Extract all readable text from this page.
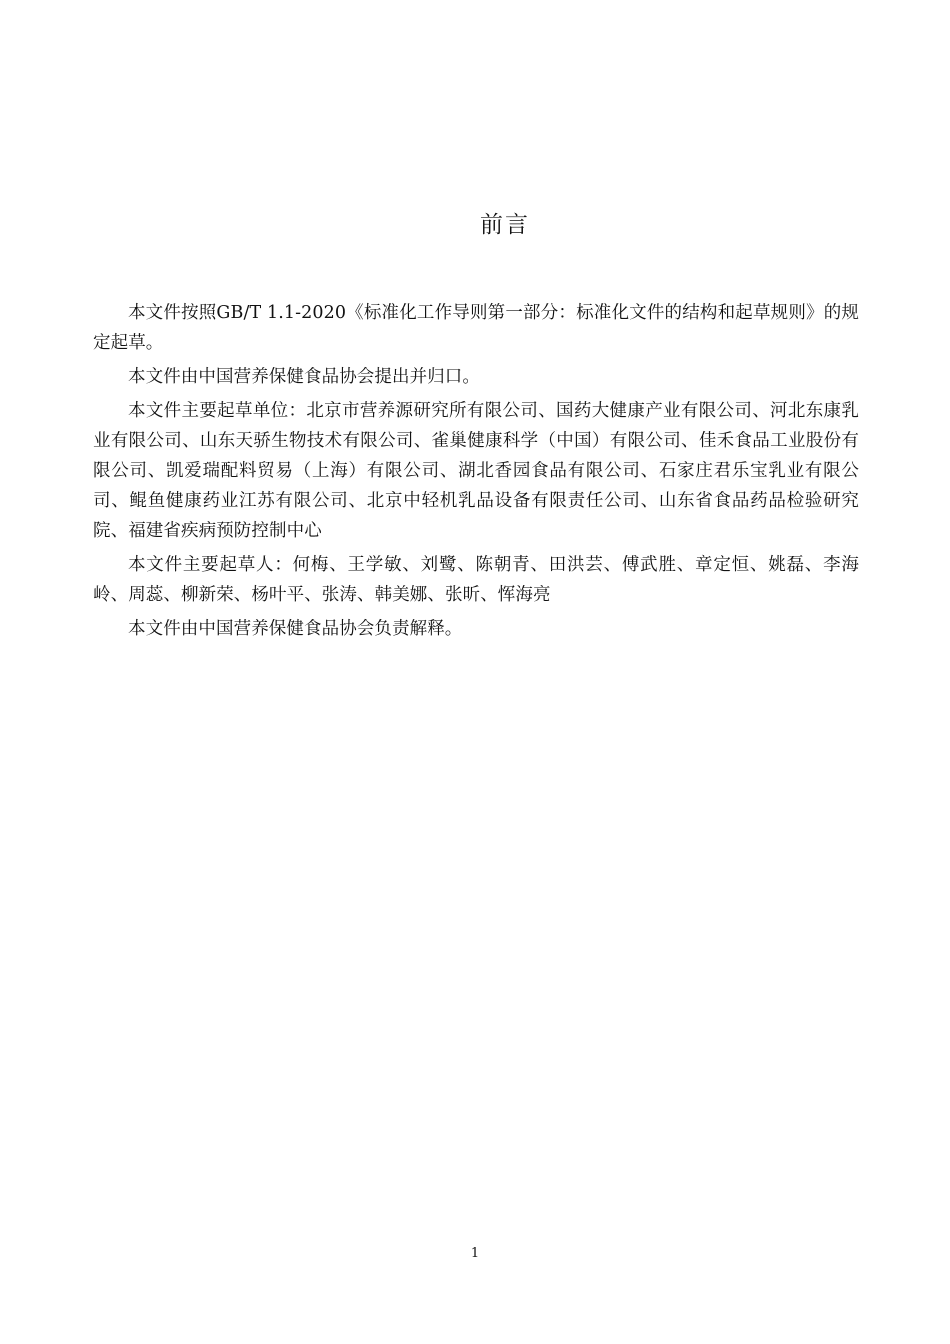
前言

本文件按照GB/T 1.1-2020《标准化工作导则第一部分：标准化文件的结构和起草规则》的规定起草。

本文件由中国营养保健食品协会提出并归口。

本文件主要起草单位：北京市营养源研究所有限公司、国药大健康产业有限公司、河北东康乳业有限公司、山东天骄生物技术有限公司、雀巢健康科学（中国）有限公司、佳禾食品工业股份有限公司、凯爱瑞配料贸易（上海）有限公司、湖北香园食品有限公司、石家庄君乐宝乳业有限公司、鲲鱼健康药业江苏有限公司、北京中轻机乳品设备有限责任公司、山东省食品药品检验研究院、福建省疾病预防控制中心

本文件主要起草人：何梅、王学敏、刘鹭、陈朝青、田洪芸、傅武胜、章定恒、姚磊、李海岭、周蕊、柳新荣、杨叶平、张涛、韩美娜、张昕、恽海亮

本文件由中国营养保健食品协会负责解释。

1
